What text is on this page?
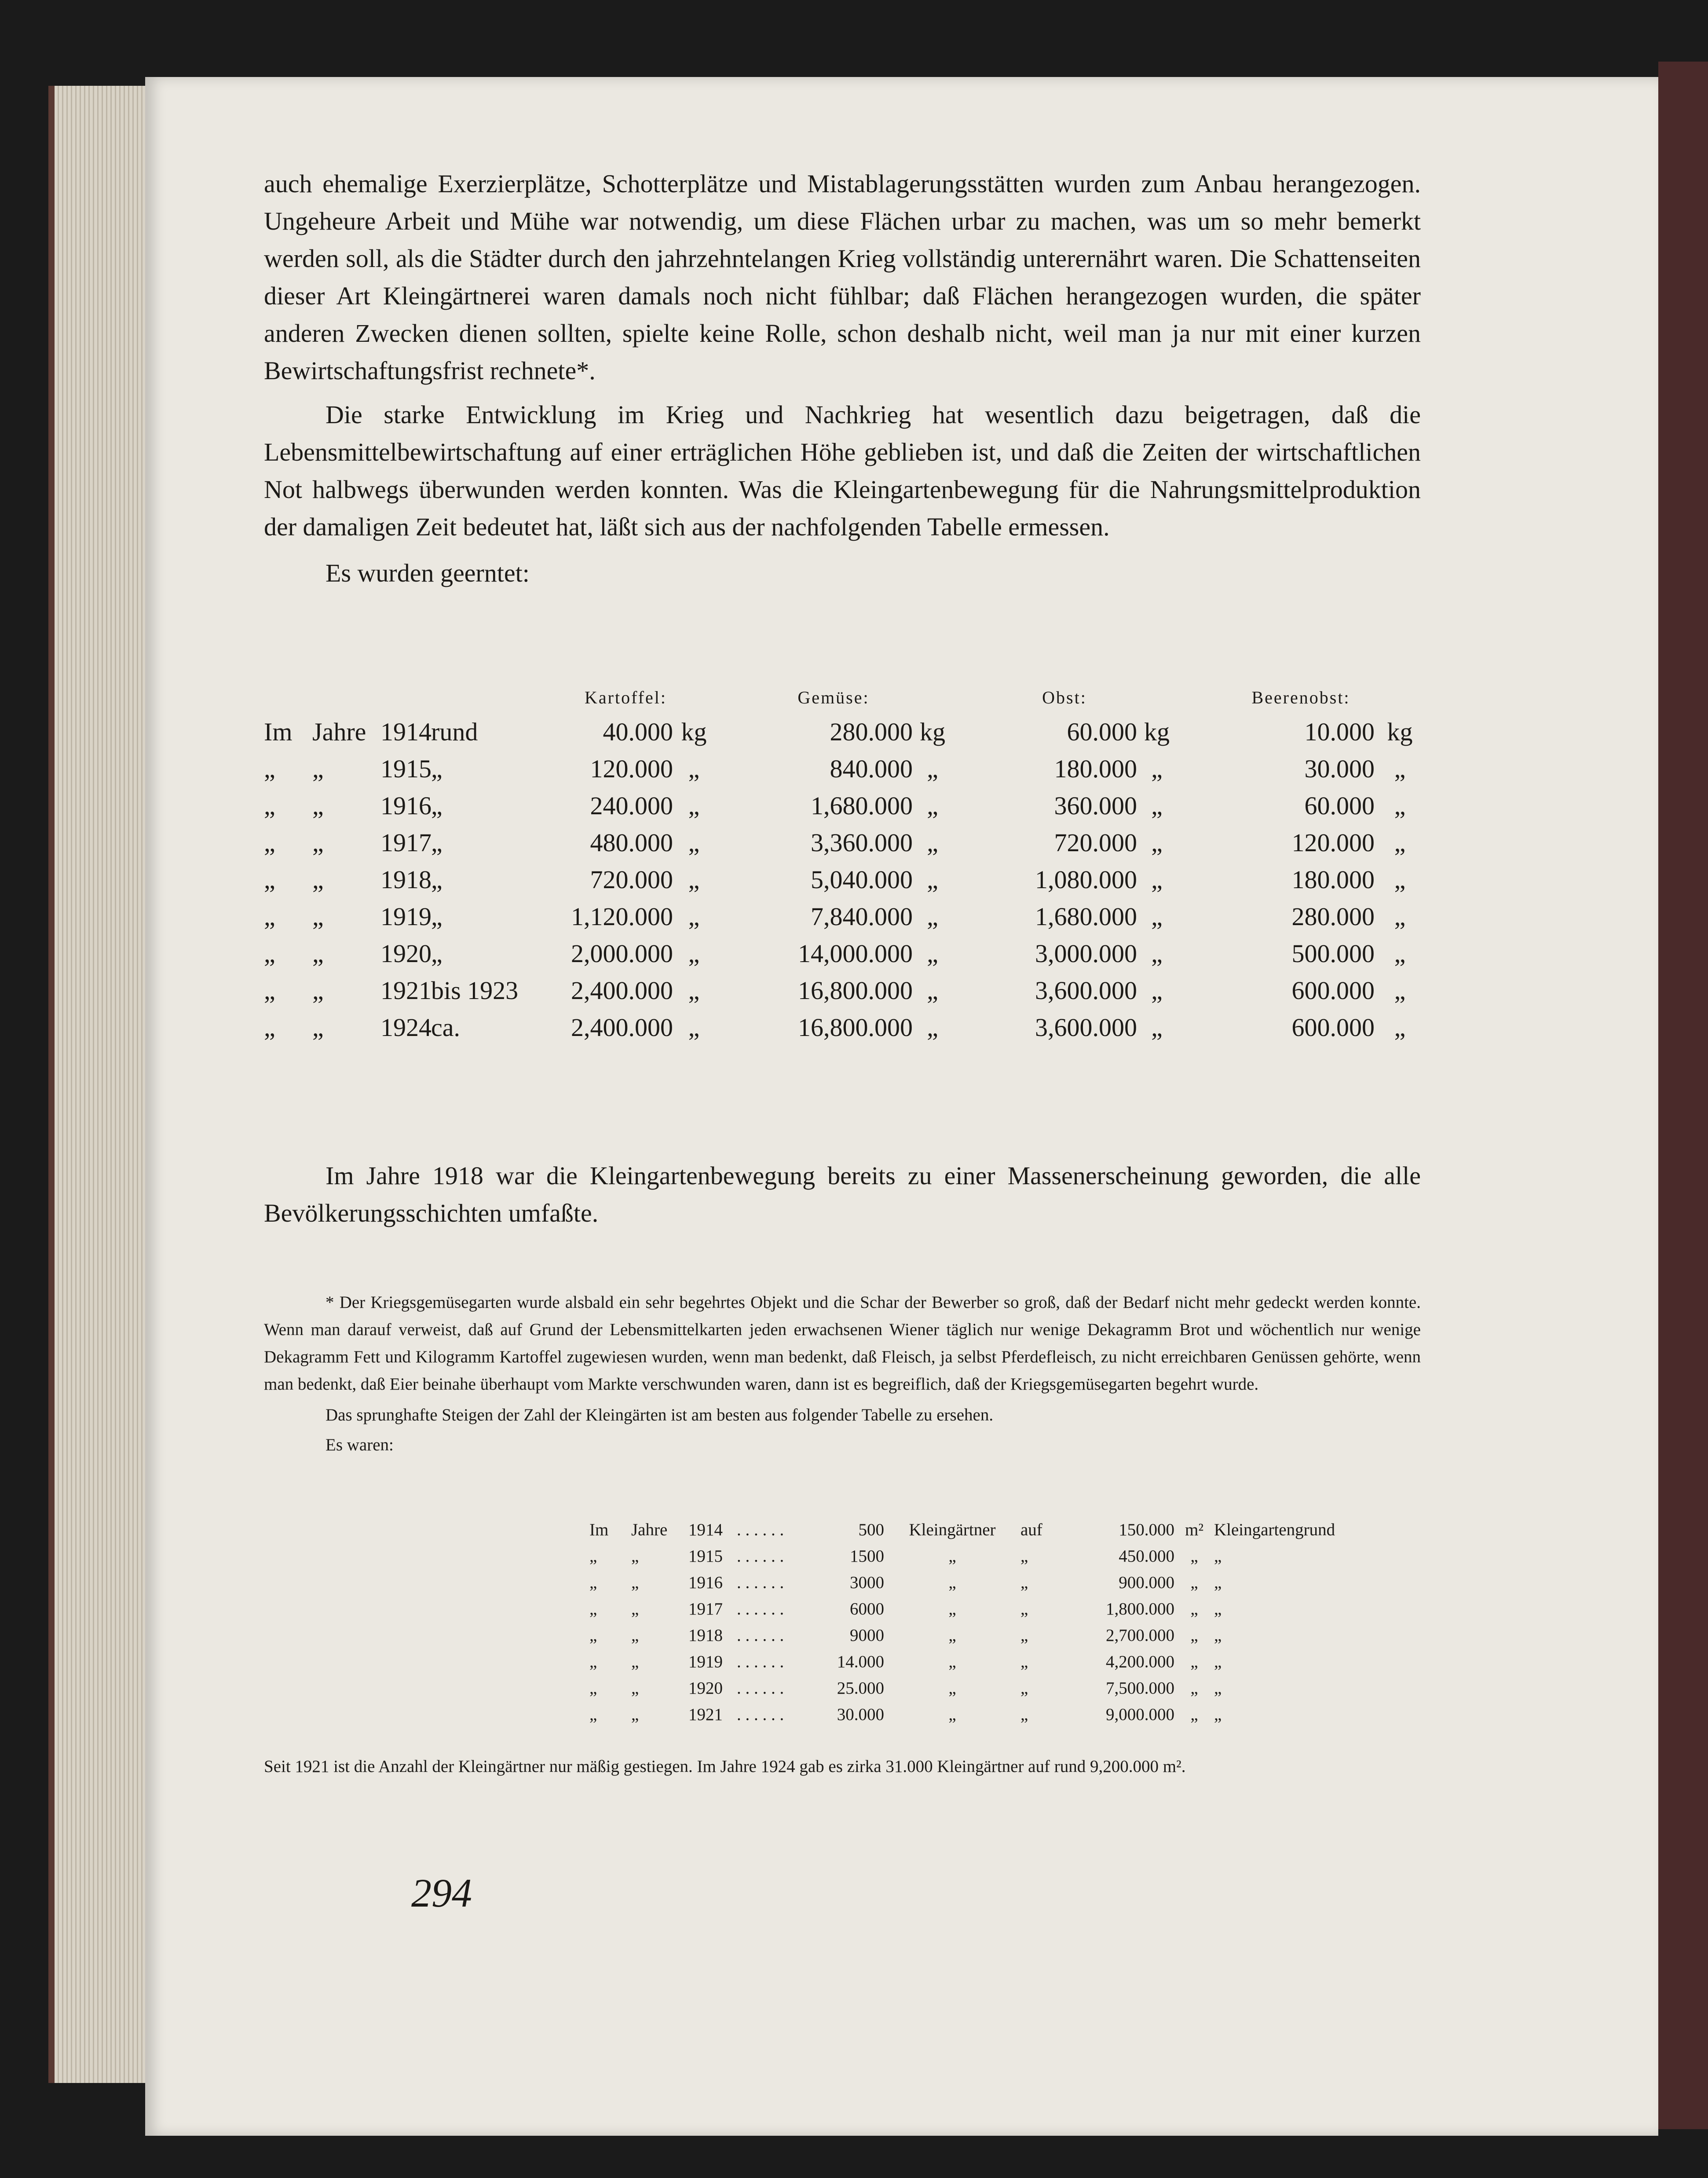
auch ehemalige Exerzierplätze, Schotterplätze und Mistablagerungsstätten wurden zum Anbau herangezogen. Ungeheure Arbeit und Mühe war notwendig, um diese Flächen urbar zu machen, was um so mehr bemerkt werden soll, als die Städter durch den jahrzehntelangen Krieg vollständig unterernährt waren. Die Schattenseiten dieser Art Kleingärtnerei waren damals noch nicht fühlbar; daß Flächen herangezogen wurden, die später anderen Zwecken dienen sollten, spielte keine Rolle, schon deshalb nicht, weil man ja nur mit einer kurzen Bewirtschaftungsfrist rechnete*.

Die starke Entwicklung im Krieg und Nachkrieg hat wesentlich dazu beigetragen, daß die Lebensmittelbewirtschaftung auf einer erträglichen Höhe geblieben ist, und daß die Zeiten der wirtschaftlichen Not halbwegs überwunden werden konnten. Was die Kleingartenbewegung für die Nahrungsmittelproduktion der damaligen Zeit bedeutet hat, läßt sich aus der nachfolgenden Tabelle ermessen.

Es wurden geerntet:

				Kartoffel:		Gemüse:		Obst:		Beerenobst:	
Im	Jahre	1914	rund	40.000	kg	280.000	kg	60.000	kg	10.000	kg
„	„	1915	„	120.000	„	840.000	„	180.000	„	30.000	„
„	„	1916	„	240.000	„	1,680.000	„	360.000	„	60.000	„
„	„	1917	„	480.000	„	3,360.000	„	720.000	„	120.000	„
„	„	1918	„	720.000	„	5,040.000	„	1,080.000	„	180.000	„
„	„	1919	„	1,120.000	„	7,840.000	„	1,680.000	„	280.000	„
„	„	1920	„	2,000.000	„	14,000.000	„	3,000.000	„	500.000	„
„	„	1921	bis 1923	2,400.000	„	16,800.000	„	3,600.000	„	600.000	„
„	„	1924	ca.	2,400.000	„	16,800.000	„	3,600.000	„	600.000	„

Im Jahre 1918 war die Kleingartenbewegung bereits zu einer Massenerscheinung geworden, die alle Bevölkerungsschichten umfaßte.

* Der Kriegsgemüsegarten wurde alsbald ein sehr begehrtes Objekt und die Schar der Bewerber so groß, daß der Bedarf nicht mehr gedeckt werden konnte. Wenn man darauf verweist, daß auf Grund der Lebensmittelkarten jeden erwachsenen Wiener täglich nur wenige Dekagramm Brot und wöchentlich nur wenige Dekagramm Fett und Kilogramm Kartoffel zugewiesen wurden, wenn man bedenkt, daß Fleisch, ja selbst Pferdefleisch, zu nicht erreichbaren Genüssen gehörte, wenn man bedenkt, daß Eier beinahe überhaupt vom Markte verschwunden waren, dann ist es begreiflich, daß der Kriegsgemüsegarten begehrt wurde.

Das sprunghafte Steigen der Zahl der Kleingärten ist am besten aus folgender Tabelle zu ersehen.

Es waren:

Im	Jahre	1914	. . . . . .	500	Kleingärtner	auf	150.000	m²	Kleingartengrund
„	„	1915	. . . . . .	1500	„	„	450.000	„	„
„	„	1916	. . . . . .	3000	„	„	900.000	„	„
„	„	1917	. . . . . .	6000	„	„	1,800.000	„	„
„	„	1918	. . . . . .	9000	„	„	2,700.000	„	„
„	„	1919	. . . . . .	14.000	„	„	4,200.000	„	„
„	„	1920	. . . . . .	25.000	„	„	7,500.000	„	„
„	„	1921	. . . . . .	30.000	„	„	9,000.000	„	„

Seit 1921 ist die Anzahl der Kleingärtner nur mäßig gestiegen. Im Jahre 1924 gab es zirka 31.000 Kleingärtner auf rund 9,200.000 m².

294
